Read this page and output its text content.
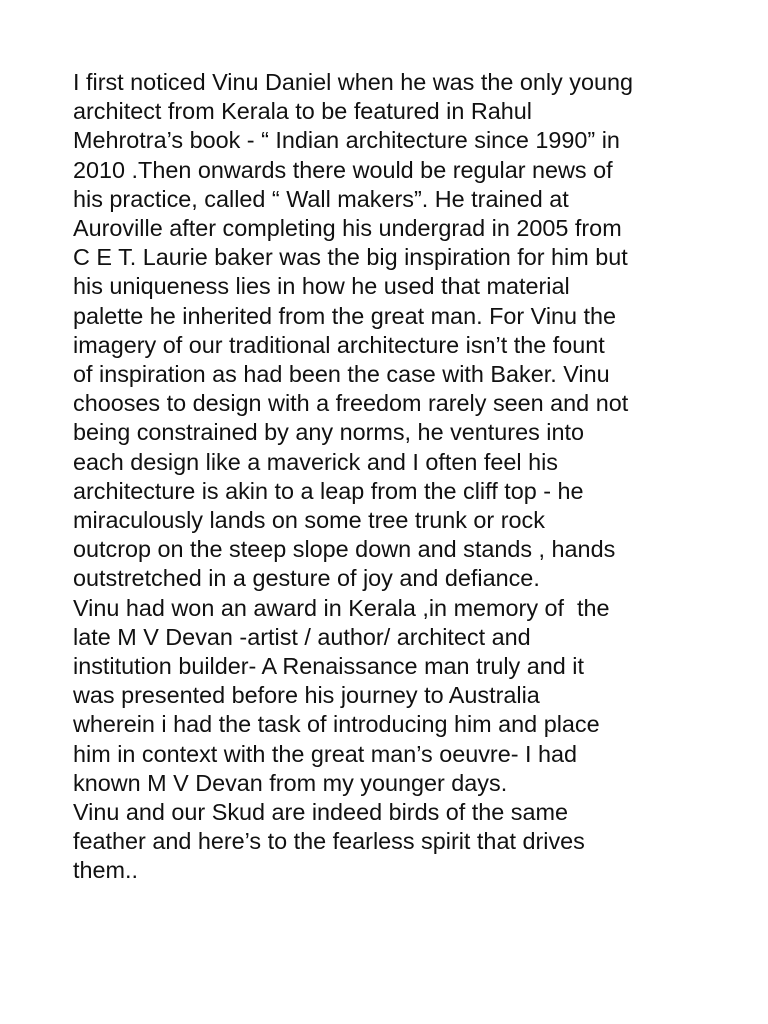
I first noticed Vinu Daniel when he was the only young
architect from Kerala to be featured in Rahul
Mehrotra’s book - “ Indian architecture since 1990” in
2010 .Then onwards there would be regular news of
his practice, called “ Wall makers”. He trained at
Auroville after completing his undergrad in 2005 from
C E T. Laurie baker was the big inspiration for him but
his uniqueness lies in how he used that material
palette he inherited from the great man. For Vinu the
imagery of our traditional architecture isn’t the fount
of inspiration as had been the case with Baker. Vinu
chooses to design with a freedom rarely seen and not
being constrained by any norms, he ventures into
each design like a maverick and I often feel his
architecture is akin to a leap from the cliff top - he
miraculously lands on some tree trunk or rock
outcrop on the steep slope down and stands , hands
outstretched in a gesture of joy and defiance.
Vinu had won an award in Kerala ,in memory of  the
late M V Devan -artist / author/ architect and
institution builder- A Renaissance man truly and it
was presented before his journey to Australia
wherein i had the task of introducing him and place
him in context with the great man’s oeuvre- I had
known M V Devan from my younger days.
Vinu and our Skud are indeed birds of the same
feather and here’s to the fearless spirit that drives
them..
